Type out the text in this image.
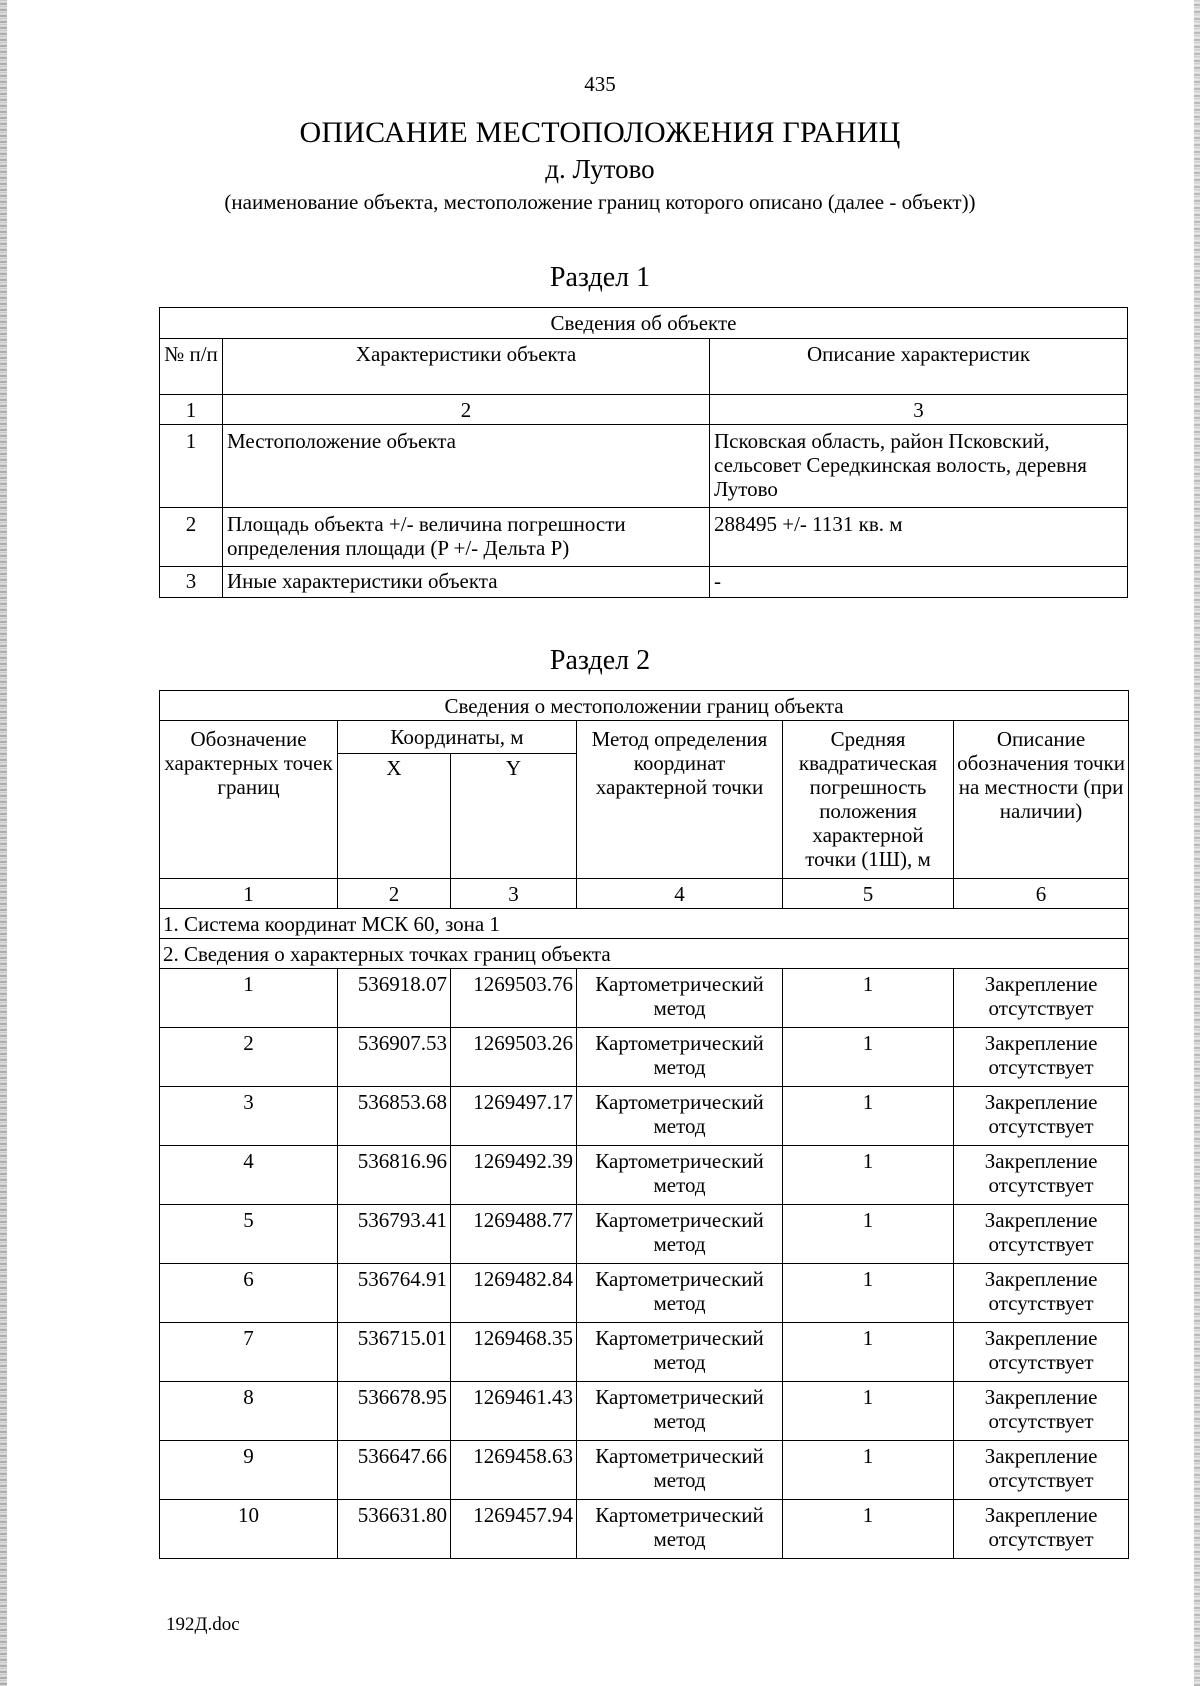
435
ОПИСАНИЕ МЕСТОПОЛОЖЕНИЯ ГРАНИЦ
д. Лутово
(наименование объекта, местоположение границ которого описано (далее - объект))
Раздел 1
Сведения об объекте		
№ п/п	Характеристики объекта	Описание характеристик
1	2	3
1	Местоположение объекта	Псковская область, район Псковский, сельсовет Середкинская волость, деревня Лутово
2	Площадь объекта +/- величина погрешности определения площади (P +/- Дельта P)	288495 +/- 1131 кв. м
3	Иные характеристики объекта	-
Раздел 2
Сведения о местоположении границ объекта					
Обозначение характерных точек границ	Координаты, м		Метод определения координат характерной точки	Средняя квадратическая погрешность положения характерной точки (1Ш), м	Описание обозначения точки на местности (при наличии)
	X	Y			
1	2	3	4	5	6
1. Система координат МСК 60, зона 1					
2. Сведения о характерных точках границ объекта					
1	536918.07	1269503.76	Картометрический метод	1	Закрепление отсутствует
2	536907.53	1269503.26	Картометрический метод	1	Закрепление отсутствует
3	536853.68	1269497.17	Картометрический метод	1	Закрепление отсутствует
4	536816.96	1269492.39	Картометрический метод	1	Закрепление отсутствует
5	536793.41	1269488.77	Картометрический метод	1	Закрепление отсутствует
6	536764.91	1269482.84	Картометрический метод	1	Закрепление отсутствует
7	536715.01	1269468.35	Картометрический метод	1	Закрепление отсутствует
8	536678.95	1269461.43	Картометрический метод	1	Закрепление отсутствует
9	536647.66	1269458.63	Картометрический метод	1	Закрепление отсутствует
10	536631.80	1269457.94	Картометрический метод	1	Закрепление отсутствует
192Д.doc
